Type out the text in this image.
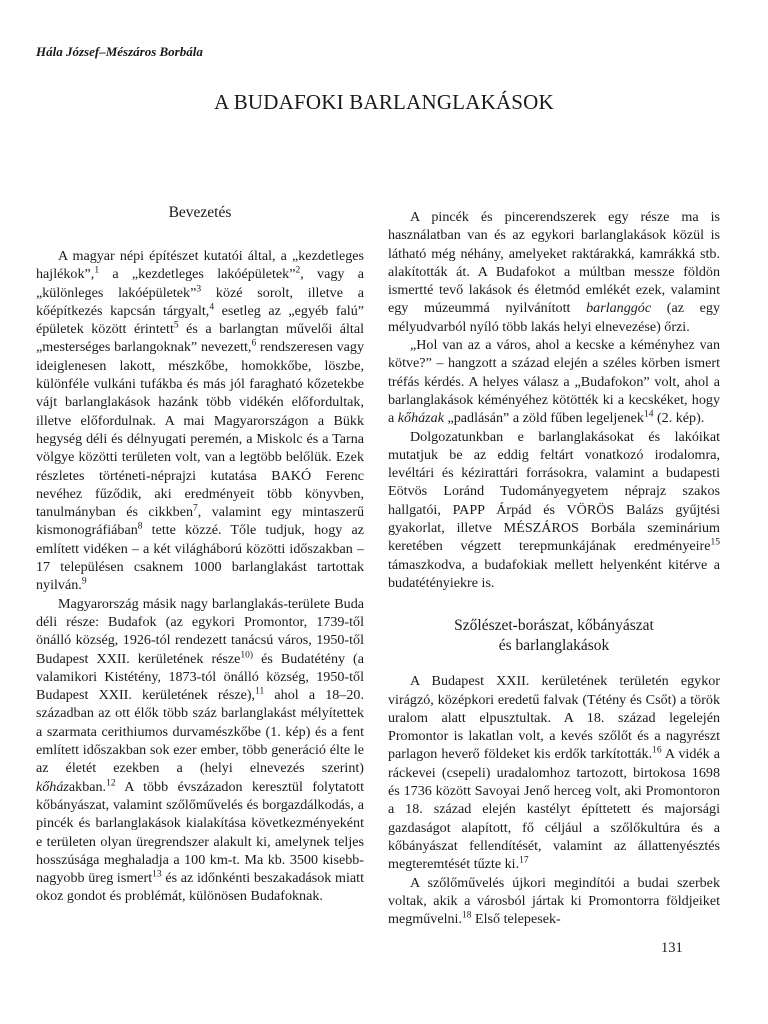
Hála József–Mészáros Borbála
A BUDAFOKI BARLANGLAKÁSOK
Bevezetés

A magyar népi építészet kutatói által, a „kezdetleges hajlékok”,$^1$ a „kezdetleges lakóépületek”$^2$, vagy a „különleges lakóépületek”$^3$ közé sorolt, illetve a kőépítkezés kapcsán tárgyalt,$^4$ esetleg az „egyéb falú” épületek között érintett$^5$ és a barlangtan művelői által „mesterséges barlangoknak” nevezett,$^6$ rendszeresen vagy ideiglenesen lakott, mészkőbe, homokkőbe, löszbe, különféle vulkáni tufákba és más jól faragható kőzetekbe vájt barlanglakások hazánk több vidékén előfordultak, illetve előfordulnak. A mai Magyarországon a Bükk hegység déli és délnyugati peremén, a Miskolc és a Tarna völgye közötti területen volt, van a legtöbb belőlük. Ezek részletes történeti-néprajzi kutatása BAKÓ Ferenc nevéhez fűződik, aki eredményeit több könyvben, tanulmányban és cikkben$^7$, valamint egy mintaszerű kismonográfiában$^8$ tette közzé. Tőle tudjuk, hogy az említett vidéken – a két világháború közötti időszakban – 17 településen csaknem 1000 barlanglakást tartottak nyilván.$^9$

Magyarország másik nagy barlanglakás-területe Buda déli része: Budafok (az egykori Promontor, 1739-től önálló község, 1926-tól rendezett tanácsú város, 1950-től Budapest XXII. kerületének része$^{10)}$ és Budatétény (a valamikori Kistétény, 1873-tól önálló község, 1950-től Budapest XXII. kerületének része),$^{11}$ ahol a 18–20. században az ott élők több száz barlanglakást mélyítettek a szarmata cerithiumos durvamészkőbe (1. kép) és a fent említett időszakban sok ezer ember, több generáció élte le az életét ezekben a (helyi elnevezés szerint) kőházakban.$^{12}$ A több évszázadon keresztül folytatott kőbányászat, valamint szőlőművelés és borgazdálkodás, a pincék és barlanglakások kialakítása következményeként e területen olyan üregrendszer alakult ki, amelynek teljes hosszúsága meghaladja a 100 km-t. Ma kb. 3500 kisebb-nagyobb üreg ismert$^{13}$ és az időnkénti beszakadások miatt okoz gondot és problémát, különösen Budafoknak.

A pincék és pincerendszerek egy része ma is használatban van és az egykori barlanglakások közül is látható még néhány, amelyeket raktárakká, kamrákká stb. alakították át. A Budafokot a múltban messze földön ismertté tevő lakások és életmód emlékét ezek, valamint egy múzeummá nyilvánított barlanggóc (az egy mélyudvarból nyíló több lakás helyi elnevezése) őrzi.

„Hol van az a város, ahol a kecske a kéményhez van kötve?” – hangzott a század elején a széles körben ismert tréfás kérdés. A helyes válasz a „Budafokon” volt, ahol a barlanglakások kéményéhez kötötték ki a kecskéket, hogy a kőházak „padlásán” a zöld fűben legeljenek$^{14}$ (2. kép).

Dolgozatunkban e barlanglakásokat és lakóikat mutatjuk be az eddig feltárt vonatkozó irodalomra, levéltári és kézirattári forrásokra, valamint a budapesti Eötvös Loránd Tudományegyetem néprajz szakos hallgatói, PAPP Árpád és VÖRÖS Balázs gyűjtési gyakorlat, illetve MÉSZÁROS Borbála szeminárium keretében végzett terepmunkájának eredményeire$^{15}$ támaszkodva, a budafokiak mellett helyenként kitérve a budatétényiekre is.

Szőlészet-borászat, kőbányászat
és barlanglakások

A Budapest XXII. kerületének területén egykor virágzó, középkori eredetű falvak (Tétény és Csőt) a török uralom alatt elpusztultak. A 18. század legelején Promontor is lakatlan volt, a kevés szőlőt és a nagyrészt parlagon heverő földeket kis erdők tarkították.$^{16}$ A vidék a ráckevei (csepeli) uradalomhoz tartozott, birtokosa 1698 és 1736 között Savoyai Jenő herceg volt, aki Promontoron a 18. század elején kastélyt építtetett és majorsági gazdaságot alapított, fő céljául a szőlőkultúra és a kőbányászat fellendítését, valamint az állattenyésztés megteremtését tűzte ki.$^{17}$

A szőlőművelés újkori megindítói a budai szerbek voltak, akik a városból jártak ki Promontorra földjeiket megművelni.$^{18}$ Első telepesek-

131
